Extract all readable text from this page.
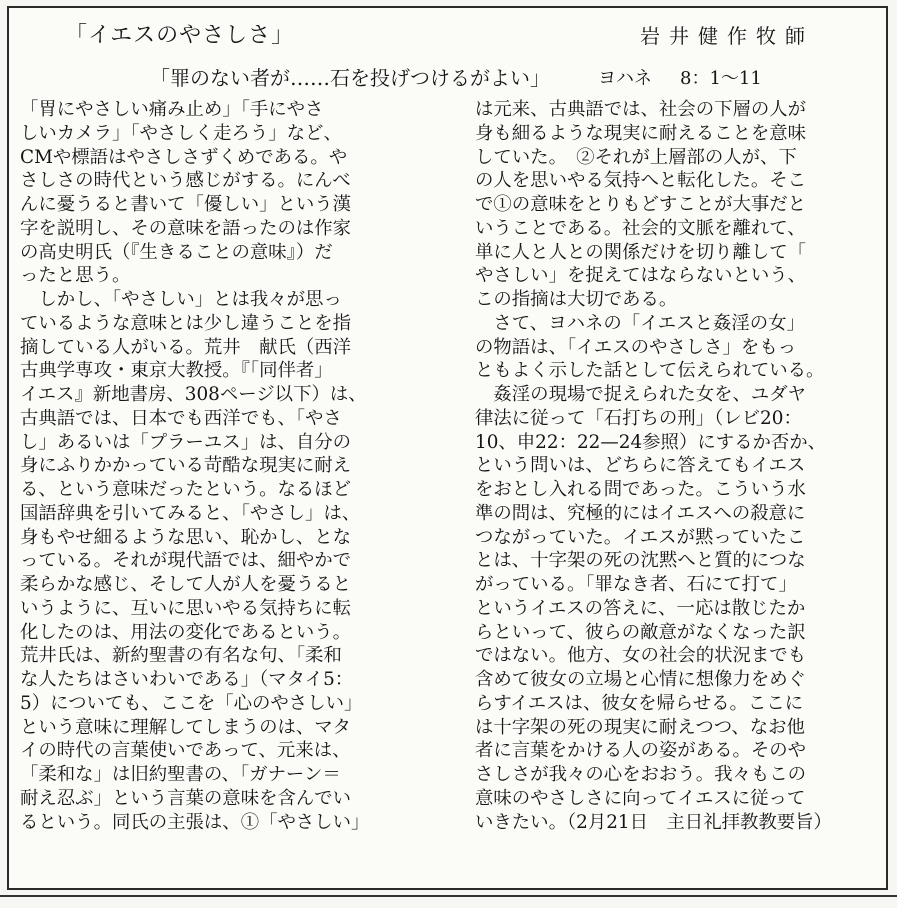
「イエスのやさしさ」	岩井健作牧師
「罪のない者が……石を投げつけるがよい」	ヨハネ 8：1〜11
「胃にやさしい痛み止め」「手にやさ
しいカメラ」「やさしく走ろう」など、
CMや標語はやさしさずくめである。や
さしさの時代という感じがする。にんべ
んに憂うると書いて「優しい」という漢
字を説明し、その意味を語ったのは作家
の高史明氏（『生きることの意味』）だ
ったと思う。
　しかし、「やさしい」とは我々が思っ
ているような意味とは少し違うことを指
摘している人がいる。荒井　献氏（西洋
古典学専攻・東京大教授。『「同伴者」
イエス』新地書房、308ページ以下）は、
古典語では、日本でも西洋でも、「やさ
し」あるいは「プラーユス」は、自分の
身にふりかかっている苛酷な現実に耐え
る、という意味だったという。なるほど
国語辞典を引いてみると、「やさし」は、
身もやせ細るような思い、恥かし、とな
っている。それが現代語では、細やかで
柔らかな感じ、そして人が人を憂うると
いうように、互いに思いやる気持ちに転
化したのは、用法の変化であるという。
荒井氏は、新約聖書の有名な句、「柔和
な人たちはさいわいである」（マタイ5：
5）についても、ここを「心のやさしい」
という意味に理解してしまうのは、マタ
イの時代の言葉使いであって、元来は、
「柔和な」は旧約聖書の、「ガナーン＝
耐え忍ぶ」という言葉の意味を含んでい
るという。同氏の主張は、①「やさしい」
は元来、古典語では、社会の下層の人が
身も細るような現実に耐えることを意味
していた。　②それが上層部の人が、下
の人を思いやる気持へと転化した。そこ
で①の意味をとりもどすことが大事だと
いうことである。社会的文脈を離れて、
単に人と人との関係だけを切り離して「
やさしい」を捉えてはならないという、
この指摘は大切である。
　さて、ヨハネの「イエスと姦淫の女」
の物語は、「イエスのやさしさ」をもっ
ともよく示した話として伝えられている。
　姦淫の現場で捉えられた女を、ユダヤ
律法に従って「石打ちの刑」（レビ20：
10、申22：22—24参照）にするか否か、
という問いは、どちらに答えてもイエス
をおとし入れる問であった。こういう水
準の問は、究極的にはイエスへの殺意に
つながっていた。イエスが黙っていたこ
とは、十字架の死の沈黙へと質的につな
がっている。「罪なき者、石にて打て」
というイエスの答えに、一応は散じたか
らといって、彼らの敵意がなくなった訳
ではない。他方、女の社会的状況までも
含めて彼女の立場と心情に想像力をめぐ
らすイエスは、彼女を帰らせる。ここに
は十字架の死の現実に耐えつつ、なお他
者に言葉をかける人の姿がある。そのや
さしさが我々の心をおおう。我々もこの
意味のやさしさに向ってイエスに従って
いきたい。（2月21日　主日礼拝教教要旨）
